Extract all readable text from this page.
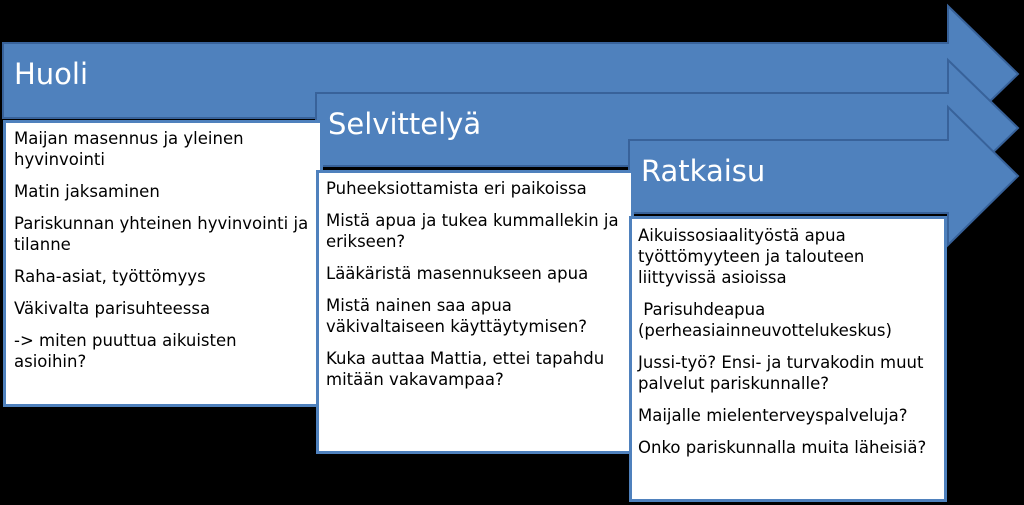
Huoli
Selvittelyä
Ratkaisu

Maijan masennus ja yleinen hyvinvointi

Matin jaksaminen

Pariskunnan yhteinen hyvinvointi ja tilanne

Raha-asiat, työttömyys

Väkivalta parisuhteessa

-> miten puuttua aikuisten asioihin?

Puheeksiottamista eri paikoissa

Mistä apua ja tukea kummallekin ja erikseen?

Lääkäristä masennukseen apua

Mistä nainen saa apua väkivaltaiseen käyttäytymisen?

Kuka auttaa Mattia, ettei tapahdu mitään vakavampaa?

Aikuissosiaalityöstä apua työttömyyteen ja talouteen liittyvissä asioissa

Parisuhdeapua (perheasiainneuvottelukeskus)

Jussi-työ? Ensi- ja turvakodin muut palvelut pariskunnalle?

Maijalle mielenterveyspalveluja?

Onko pariskunnalla muita läheisiä?
